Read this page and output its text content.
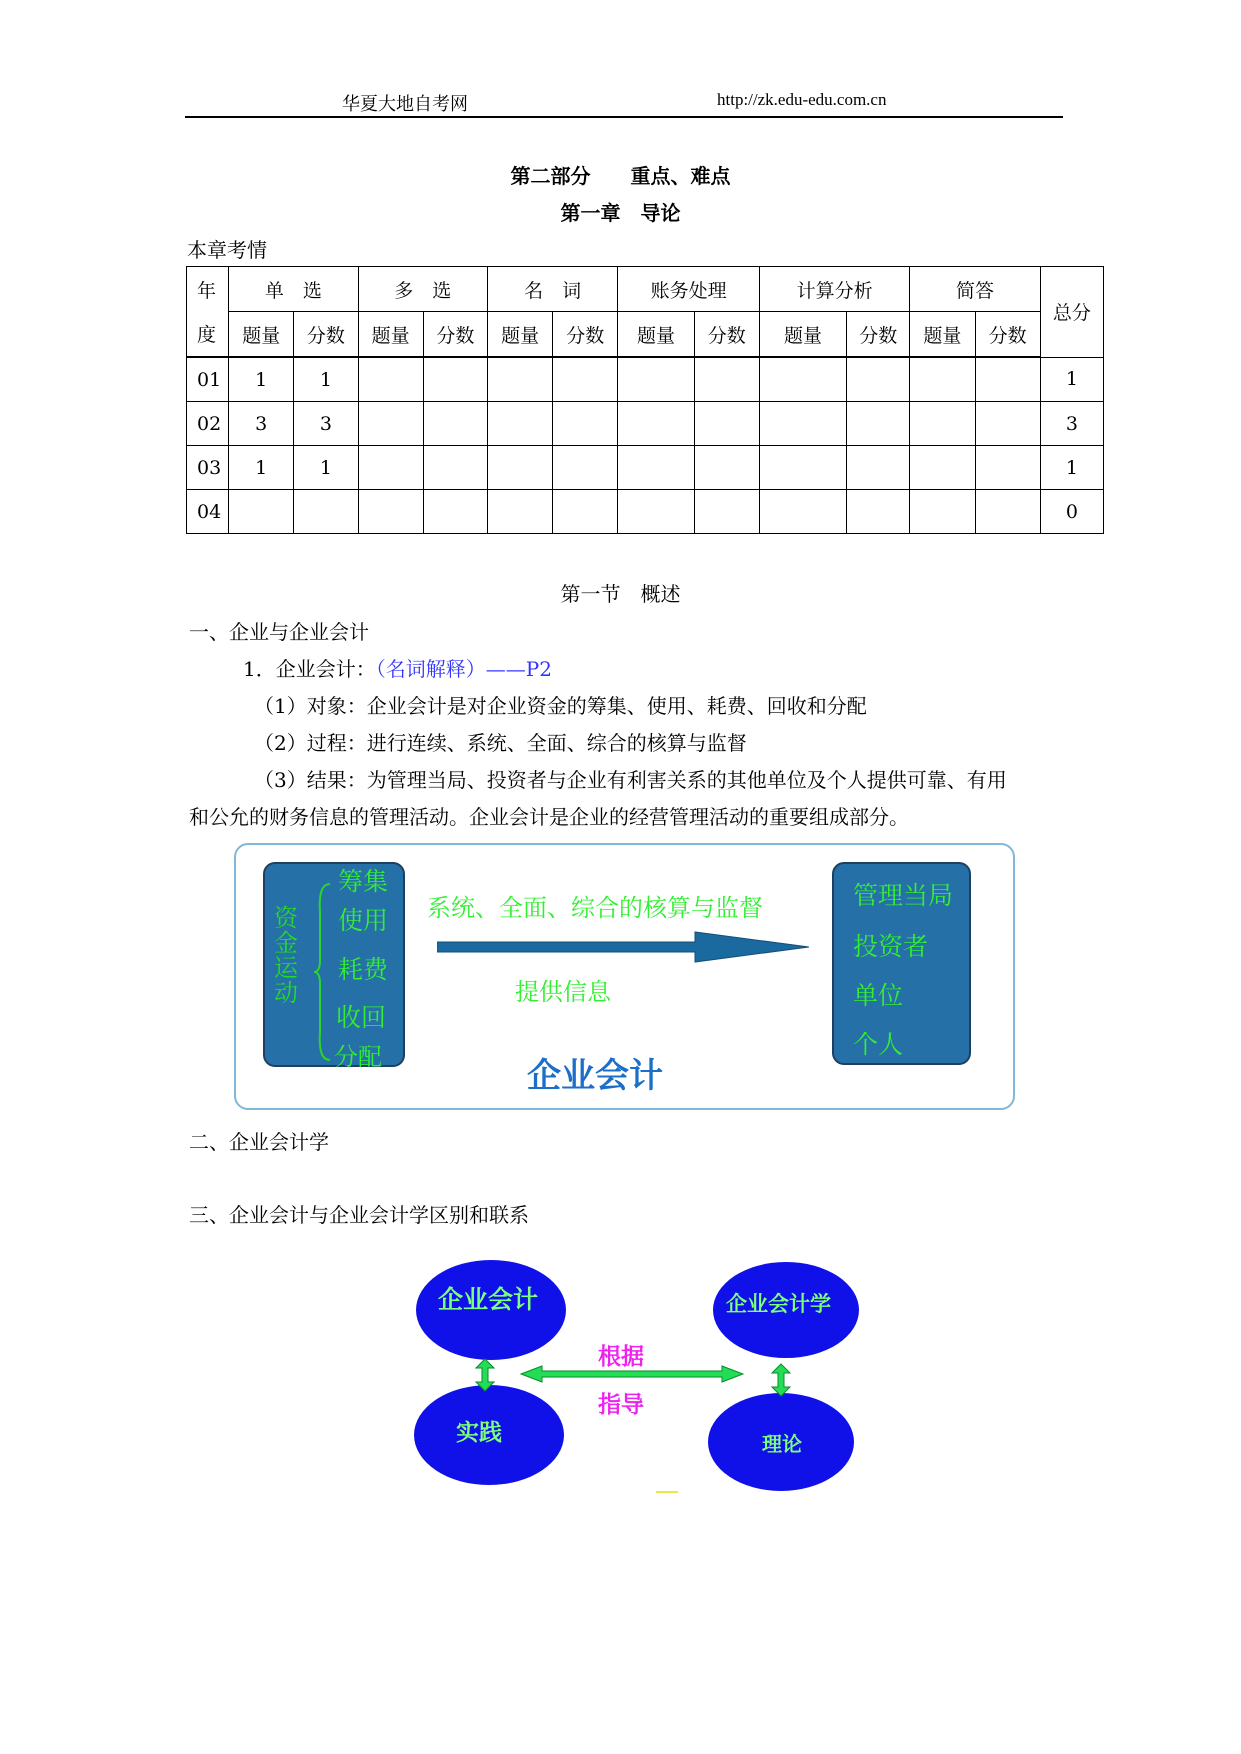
华夏大地自考网	http://zk.edu-edu.com.cn
第二部分　　重点、难点
第一章　导论
本章考情
年	单　选		多　选		名　词		账务处理		计算分析		简答		总分
度	题量	分数	题量	分数	题量	分数	题量	分数	题量	分数	题量	分数	
01	1	1											1
02	3	3											3
03	1	1											1
04													0
第一节　概述
一、企业与企业会计
1．企业会计：（名词解释）——P2
（1）对象：企业会计是对企业资金的筹集、使用、耗费、回收和分配
（2）过程：进行连续、系统、全面、综合的核算与监督
（3）结果：为管理当局、投资者与企业有利害关系的其他单位及个人提供可靠、有用
和公允的财务信息的管理活动。企业会计是企业的经营管理活动的重要组成部分。
资金运动
筹集
使用
耗费
收回
分配
系统、全面、综合的核算与监督
提供信息
管理当局
投资者
单位
个人
企业会计
二、企业会计学
三、企业会计与企业会计学区别和联系
企业会计	企业会计学
实践	理论
根据
指导
